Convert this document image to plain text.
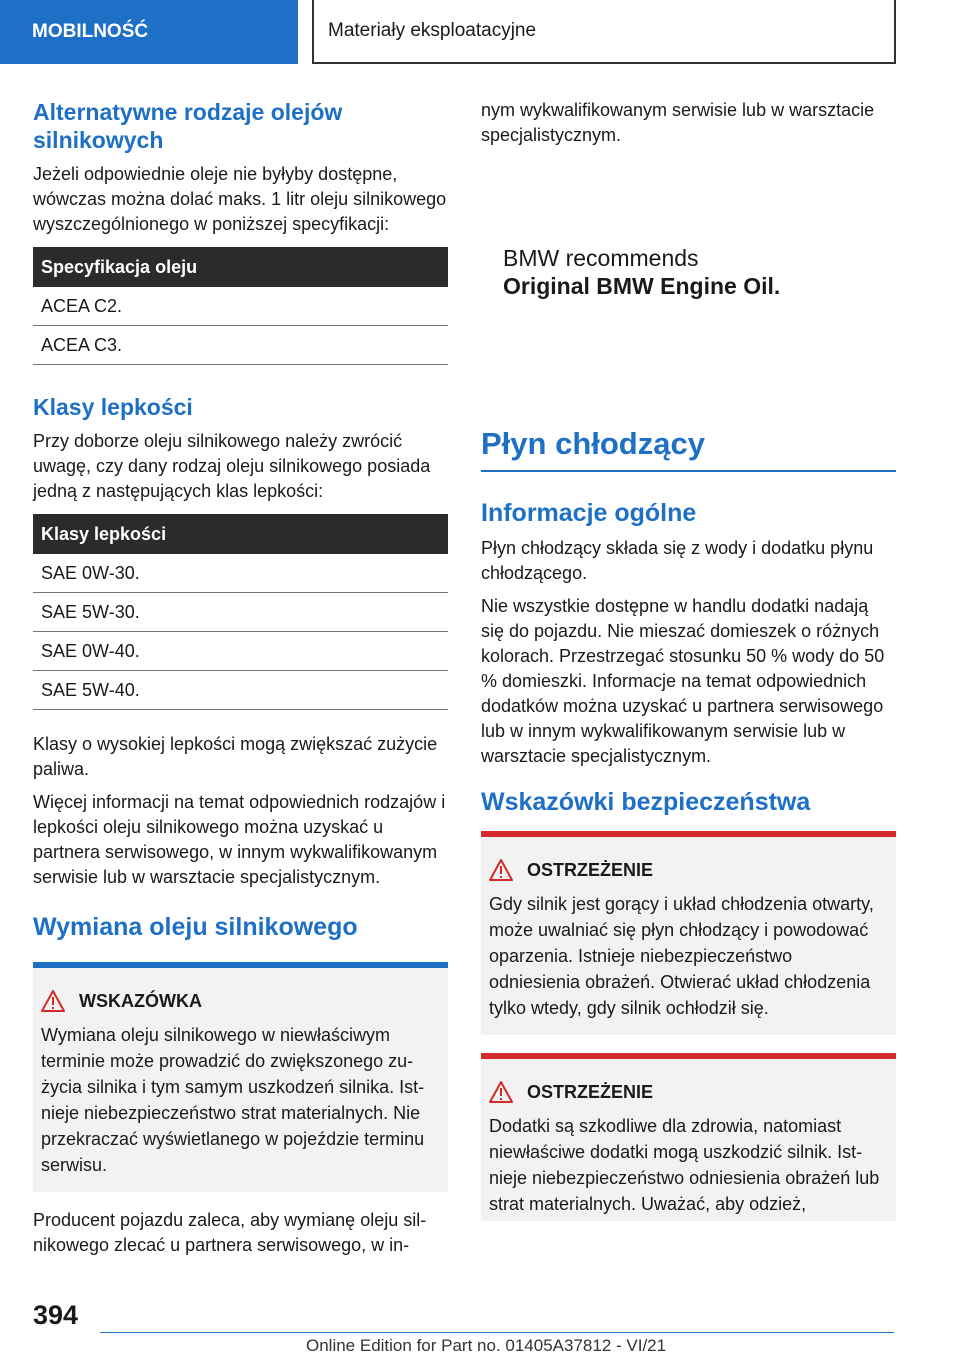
MOBILNOŚĆ	Materiały eksploatacyjne
Alternatywne rodzaje olejów silnikowych

Jeżeli odpowiednie oleje nie byłyby dostępne, wówczas można dolać maks. 1 litr oleju silnikowego wyszczególnionego w poniższej specyfikacji:

Specyfikacja oleju
ACEA C2.
ACEA C3.
Klasy lepkości

Przy doborze oleju silnikowego należy zwrócić uwagę, czy dany rodzaj oleju silnikowego posiada jedną z następujących klas lepkości:

Klasy lepkości
SAE 0W-30.
SAE 5W-30.
SAE 0W-40.
SAE 5W-40.

Klasy o wysokiej lepkości mogą zwiększać zużycie paliwa.

Więcej informacji na temat odpowiednich rodzajów i lepkości oleju silnikowego można uzyskać u partnera serwisowego, w innym wykwalifikowanym serwisie lub w warsztacie specjalistycznym.

Wymiana oleju silnikowego
WSKAZÓWKA

Wymiana oleju silnikowego w niewłaściwym terminie może prowadzić do zwiększonego zużycia silnika i tym samym uszkodzeń silnika. Istnieje niebezpieczeństwo strat materialnych. Nie przekraczać wyświetlanego w pojeździe terminu serwisu.

Producent pojazdu zaleca, aby wymianę oleju silnikowego zlecać u partnera serwisowego, w in-

nym wykwalifikowanym serwisie lub w warsztacie specjalistycznym.

BMW recommends
Original BMW Engine Oil.
Płyn chłodzący
Informacje ogólne

Płyn chłodzący składa się z wody i dodatku płynu chłodzącego.

Nie wszystkie dostępne w handlu dodatki nadają się do pojazdu. Nie mieszać domieszek o różnych kolorach. Przestrzegać stosunku 50 % wody do 50 % domieszki. Informacje na temat odpowiednich dodatków można uzyskać u partnera serwisowego lub w innym wykwalifikowanym serwisie lub w warsztacie specjalistycznym.

Wskazówki bezpieczeństwa
OSTRZEŻENIE

Gdy silnik jest gorący i układ chłodzenia otwarty, może uwalniać się płyn chłodzący i powodować oparzenia. Istnieje niebezpieczeństwo odniesienia obrażeń. Otwierać układ chłodzenia tylko wtedy, gdy silnik ochłodził się.

OSTRZEŻENIE

Dodatki są szkodliwe dla zdrowia, natomiast niewłaściwe dodatki mogą uszkodzić silnik. Istnieje niebezpieczeństwo odniesienia obrażeń lub strat materialnych. Uważać, aby odzież,

394
Online Edition for Part no. 01405A37812 - VI/21
